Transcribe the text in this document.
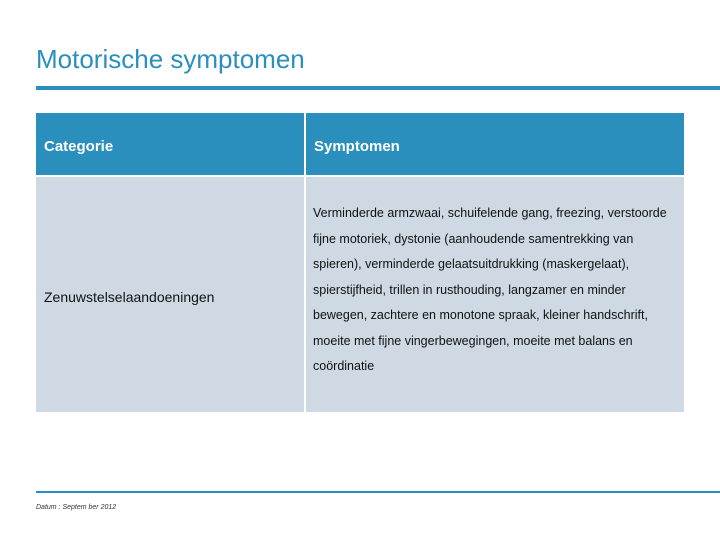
Motorische symptomen
Categorie	Symptomen
Zenuwstelselaandoeningen
Verminderde armzwaai, schuifelende gang, freezing, verstoorde fijne motoriek, dystonie (aanhoudende samentrekking van spieren), verminderde gelaatsuitdrukking (maskergelaat), spierstijfheid, trillen in rusthouding, langzamer en minder bewegen, zachtere en monotone spraak, kleiner handschrift, moeite met fijne vingerbewegingen, moeite met balans en coördinatie
Datum : Septem ber 2012
